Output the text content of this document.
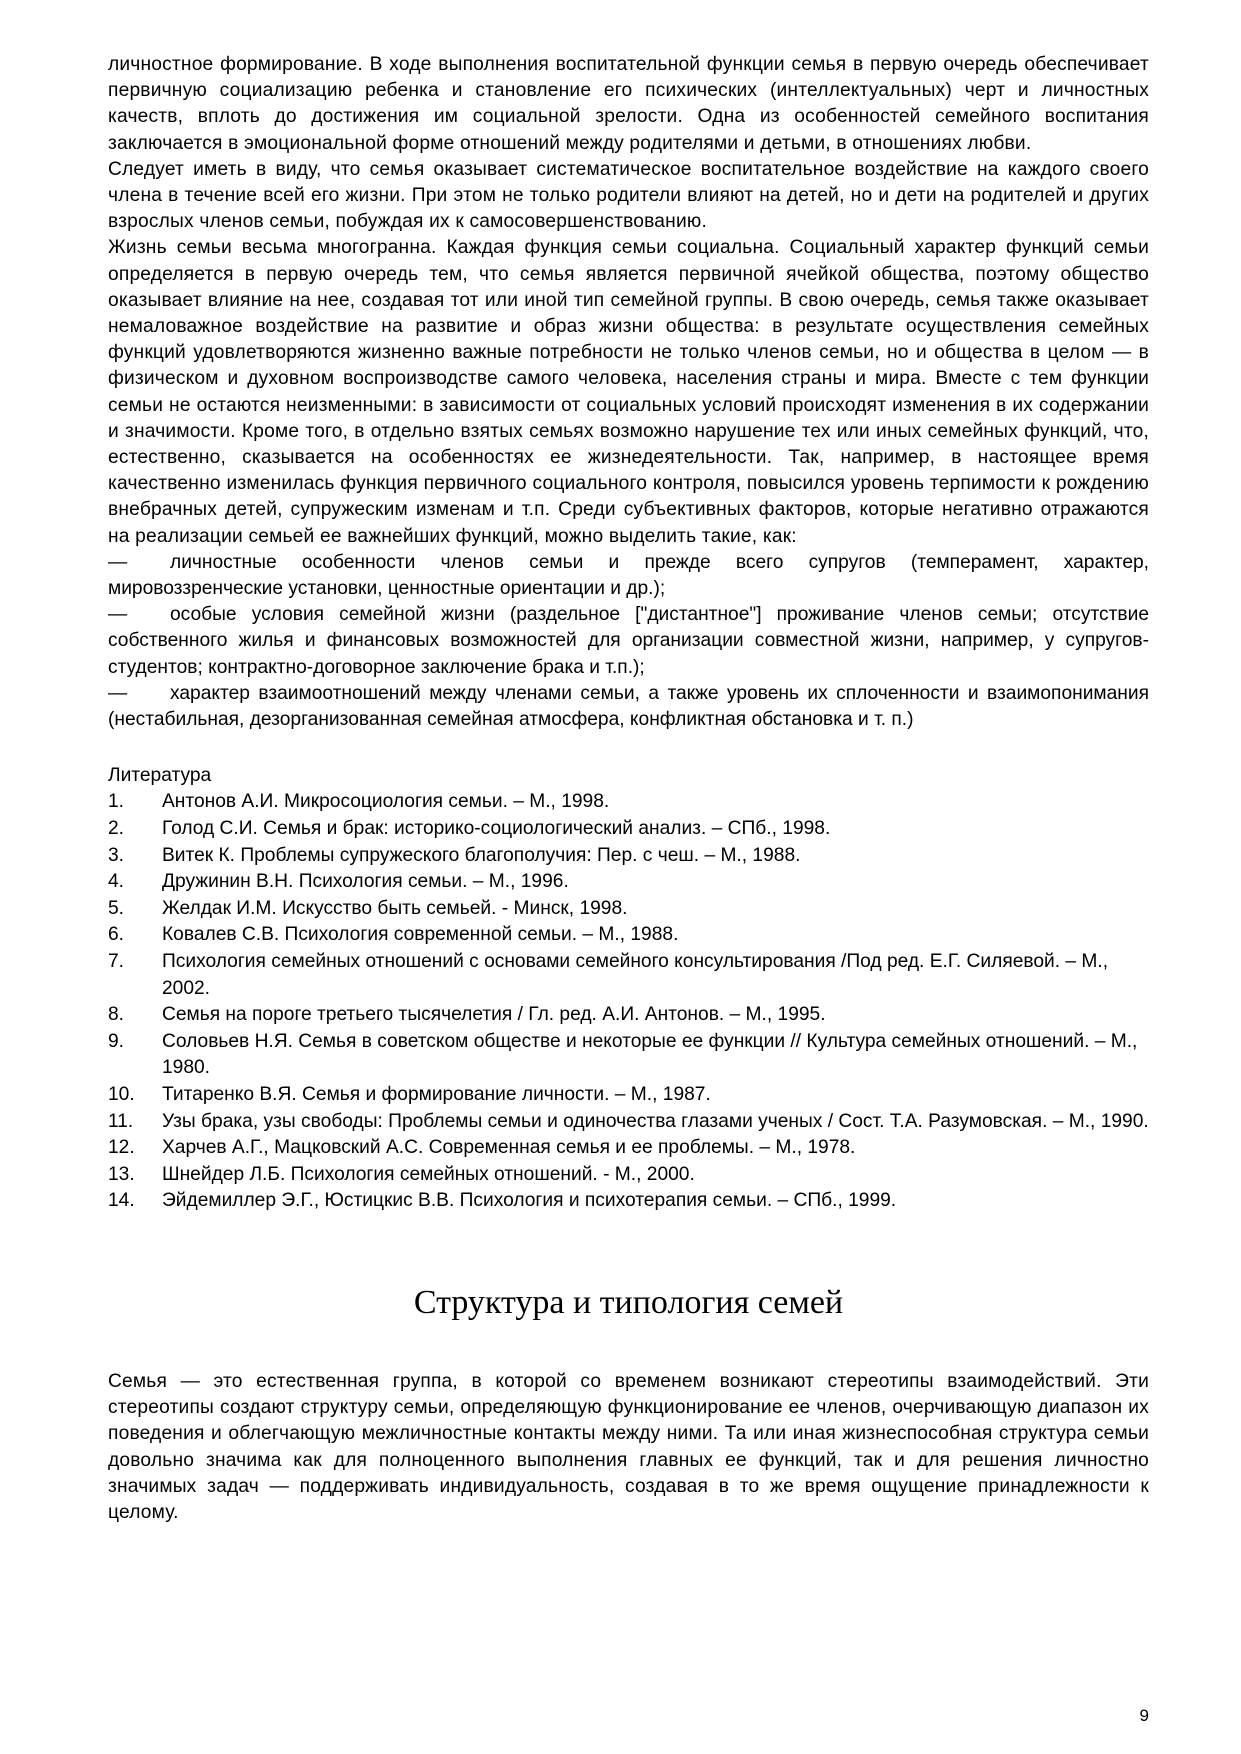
личностное формирование. В ходе выполнения воспитательной функции семья в первую очередь обеспечивает первичную социализацию ребенка и становление его психических (интеллектуальных) черт и личностных качеств, вплоть до достижения им социальной зрелости. Одна из особенностей семейного воспитания заключается в эмоциональной форме отношений между родителями и детьми, в отношениях любви.

Следует иметь в виду, что семья оказывает систематическое воспитательное воздействие на каждого своего члена в течение всей его жизни. При этом не только родители влияют на детей, но и дети на родителей и других взрослых членов семьи, побуждая их к самосовершенствованию.

Жизнь семьи весьма многогранна. Каждая функция семьи социальна. Социальный характер функций семьи определяется в первую очередь тем, что семья является первичной ячейкой общества, поэтому общество оказывает влияние на нее, создавая тот или иной тип семейной группы. В свою очередь, семья также оказывает немаловажное воздействие на развитие и образ жизни общества: в результате осуществления семейных функций удовлетворяются жизненно важные потребности не только членов семьи, но и общества в целом — в физическом и духовном воспроизводстве самого человека, населения страны и мира. Вместе с тем функции семьи не остаются неизменными: в зависимости от социальных условий происходят изменения в их содержании и значимости. Кроме того, в отдельно взятых семьях возможно нарушение тех или иных семейных функций, что, естественно, сказывается на особенностях ее жизнедеятельности. Так, например, в настоящее время качественно изменилась функция первичного социального контроля, повысился уровень терпимости к рождению внебрачных детей, супружеским изменам и т.п. Среди субъективных факторов, которые негативно отражаются на реализации семьей ее важнейших функций, можно выделить такие, как:

— личностные особенности членов семьи и прежде всего супругов (темперамент, характер, мировоззренческие установки, ценностные ориентации и др.);

— особые условия семейной жизни (раздельное ["дистантное"] проживание членов семьи; отсутствие собственного жилья и финансовых возможностей для организации совместной жизни, например, у супругов-студентов; контрактно-договорное заключение брака и т.п.);

— характер взаимоотношений между членами семьи, а также уровень их сплоченности и взаимопонимания (нестабильная, дезорганизованная семейная атмосфера, конфликтная обстановка и т. п.)

Литература

1.	Антонов А.И. Микросоциология семьи. – М., 1998.
2.	Голод С.И. Семья и брак: историко-социологический анализ. – СПб., 1998.
3.	Витек К. Проблемы супружеского благополучия: Пер. с чеш. – М., 1988.
4.	Дружинин В.Н. Психология семьи. – М., 1996.
5.	Желдак И.М. Искусство быть семьей. - Минск, 1998.
6.	Ковалев С.В. Психология современной семьи. – М., 1988.
7.	Психология семейных отношений с основами семейного консультирования /Под ред. Е.Г. Силяевой. – М., 2002.
8.	Семья на пороге третьего тысячелетия / Гл. ред. А.И. Антонов. – М., 1995.
9.	Соловьев Н.Я. Семья в советском обществе и некоторые ее функции // Культура семейных отношений. – М., 1980.
10.	Титаренко В.Я. Семья и формирование личности. – М., 1987.
11.	Узы брака, узы свободы: Проблемы семьи и одиночества глазами ученых / Сост. Т.А. Разумовская. – М., 1990.
12.	Харчев А.Г., Мацковский А.С. Современная семья и ее проблемы. – М., 1978.
13.	Шнейдер Л.Б. Психология семейных отношений. - М., 2000.
14.	Эйдемиллер Э.Г., Юстицкис В.В. Психология и психотерапия семьи. – СПб., 1999.
Структура и типология семей

Семья — это естественная группа, в которой со временем возникают стереотипы взаимодействий. Эти стереотипы создают структуру семьи, определяющую функционирование ее членов, очерчивающую диапазон их поведения и облегчающую межличностные контакты между ними. Та или иная жизнеспособная структура семьи довольно значима как для полноценного выполнения главных ее функций, так и для решения личностно значимых задач — поддерживать индивидуальность, создавая в то же время ощущение принадлежности к целому.

9
